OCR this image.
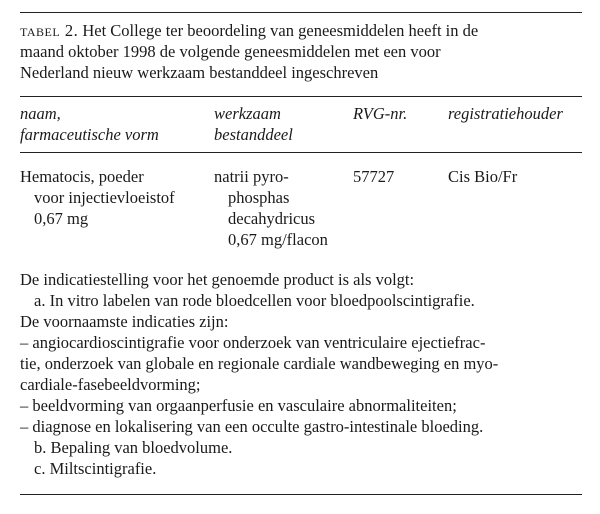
tabel 2. Het College ter beoordeling van geneesmiddelen heeft in de
maand oktober 1998 de volgende geneesmiddelen met een voor
Nederland nieuw werkzaam bestanddeel ingeschreven
naam,
farmaceutische vorm
werkzaam
bestanddeel
RVG-nr. registratiehouder
Hematocis, poeder
voor injectievloeistof
0,67 mg
natrii pyro-
phosphas
decahydricus
0,67 mg/flacon
57727	Cis Bio/Fr
De indicatiestelling voor het genoemde product is als volgt:
a. In vitro labelen van rode bloedcellen voor bloedpoolscintigrafie.
De voornaamste indicaties zijn:
– angiocardioscintigrafie voor onderzoek van ventriculaire ejectiefrac-
tie, onderzoek van globale en regionale cardiale wandbeweging en myo-
cardiale-fasebeeldvorming;
– beeldvorming van orgaanperfusie en vasculaire abnormaliteiten;
– diagnose en lokalisering van een occulte gastro-intestinale bloeding.
b. Bepaling van bloedvolume.
c. Miltscintigrafie.
